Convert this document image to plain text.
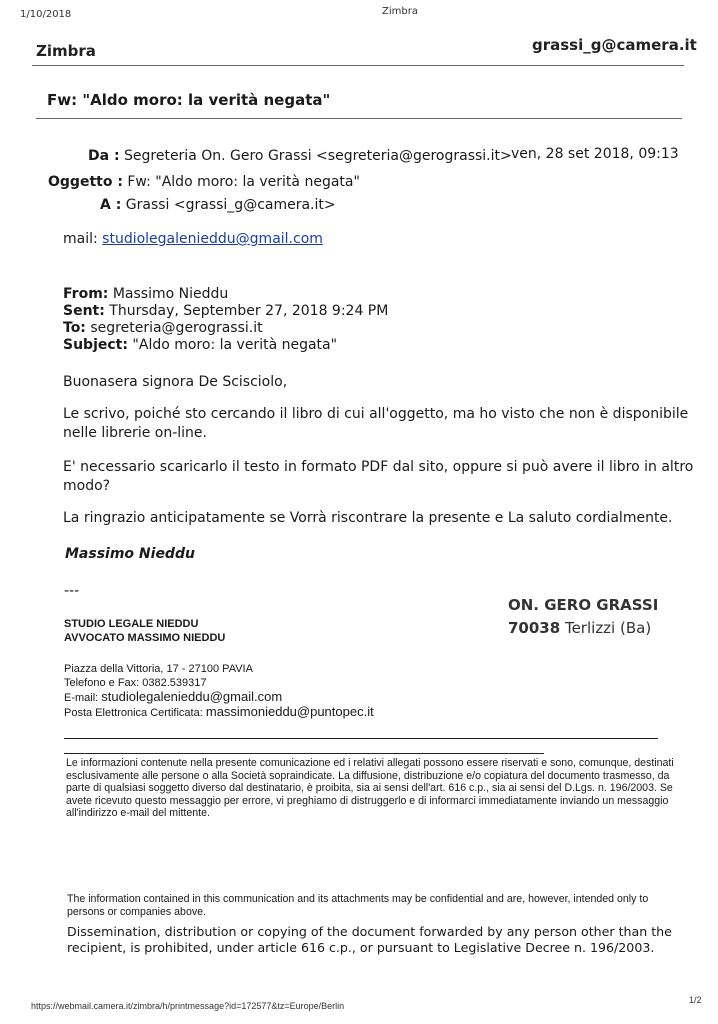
1/10/2018	Zimbra
Zimbra	grassi_g@camera.it
Fw: "Aldo moro: la verità negata"
Da : Segreteria On. Gero Grassi <segreteria@gerograssi.it> ven, 28 set 2018, 09:13
Oggetto : Fw: "Aldo moro: la verità negata"
A : Grassi <grassi_g@camera.it>
mail: studiolegalenieddu@gmail.com
From: Massimo Nieddu
Sent: Thursday, September 27, 2018 9:24 PM
To: segreteria@gerograssi.it
Subject: "Aldo moro: la verità negata"
Buonasera signora De Scisciolo,
Le scrivo, poiché sto cercando il libro di cui all'oggetto, ma ho visto che non è disponibile
nelle librerie on-line.
E' necessario scaricarlo il testo in formato PDF dal sito, oppure si può avere il libro in altro
modo?
La ringrazio anticipatamente se Vorrà riscontrare la presente e La saluto cordialmente.
Massimo Nieddu
---
STUDIO LEGALE NIEDDU
AVVOCATO MASSIMO NIEDDU
Piazza della Vittoria, 17 - 27100 PAVIA
Telefono e Fax: 0382.539317
E-mail: studiolegalenieddu@gmail.com
Posta Elettronica Certificata: massimonieddu@puntopec.it
ON. GERO GRASSI
70038 Terlizzi (Ba)
Le informazioni contenute nella presente comunicazione ed i relativi allegati possono essere riservati e sono, comunque, destinati esclusivamente alle persone o alla Società sopraindicate. La diffusione, distribuzione e/o copiatura del documento trasmesso, da parte di qualsiasi soggetto diverso dal destinatario, è proibita, sia ai sensi dell'art. 616 c.p., sia ai sensi del D.Lgs. n. 196/2003. Se avete ricevuto questo messaggio per errore, vi preghiamo di distruggerlo e di informarci immediatamente inviando un messaggio all'indirizzo e-mail del mittente.
The information contained in this communication and its attachments may be confidential and are, however, intended only to persons or companies above.
Dissemination, distribution or copying of the document forwarded by any person other than the recipient, is prohibited, under article 616 c.p., or pursuant to Legislative Decree n. 196/2003.
https://webmail.camera.it/zimbra/h/printmessage?id=172577&tz=Europe/Berlin
1/2
